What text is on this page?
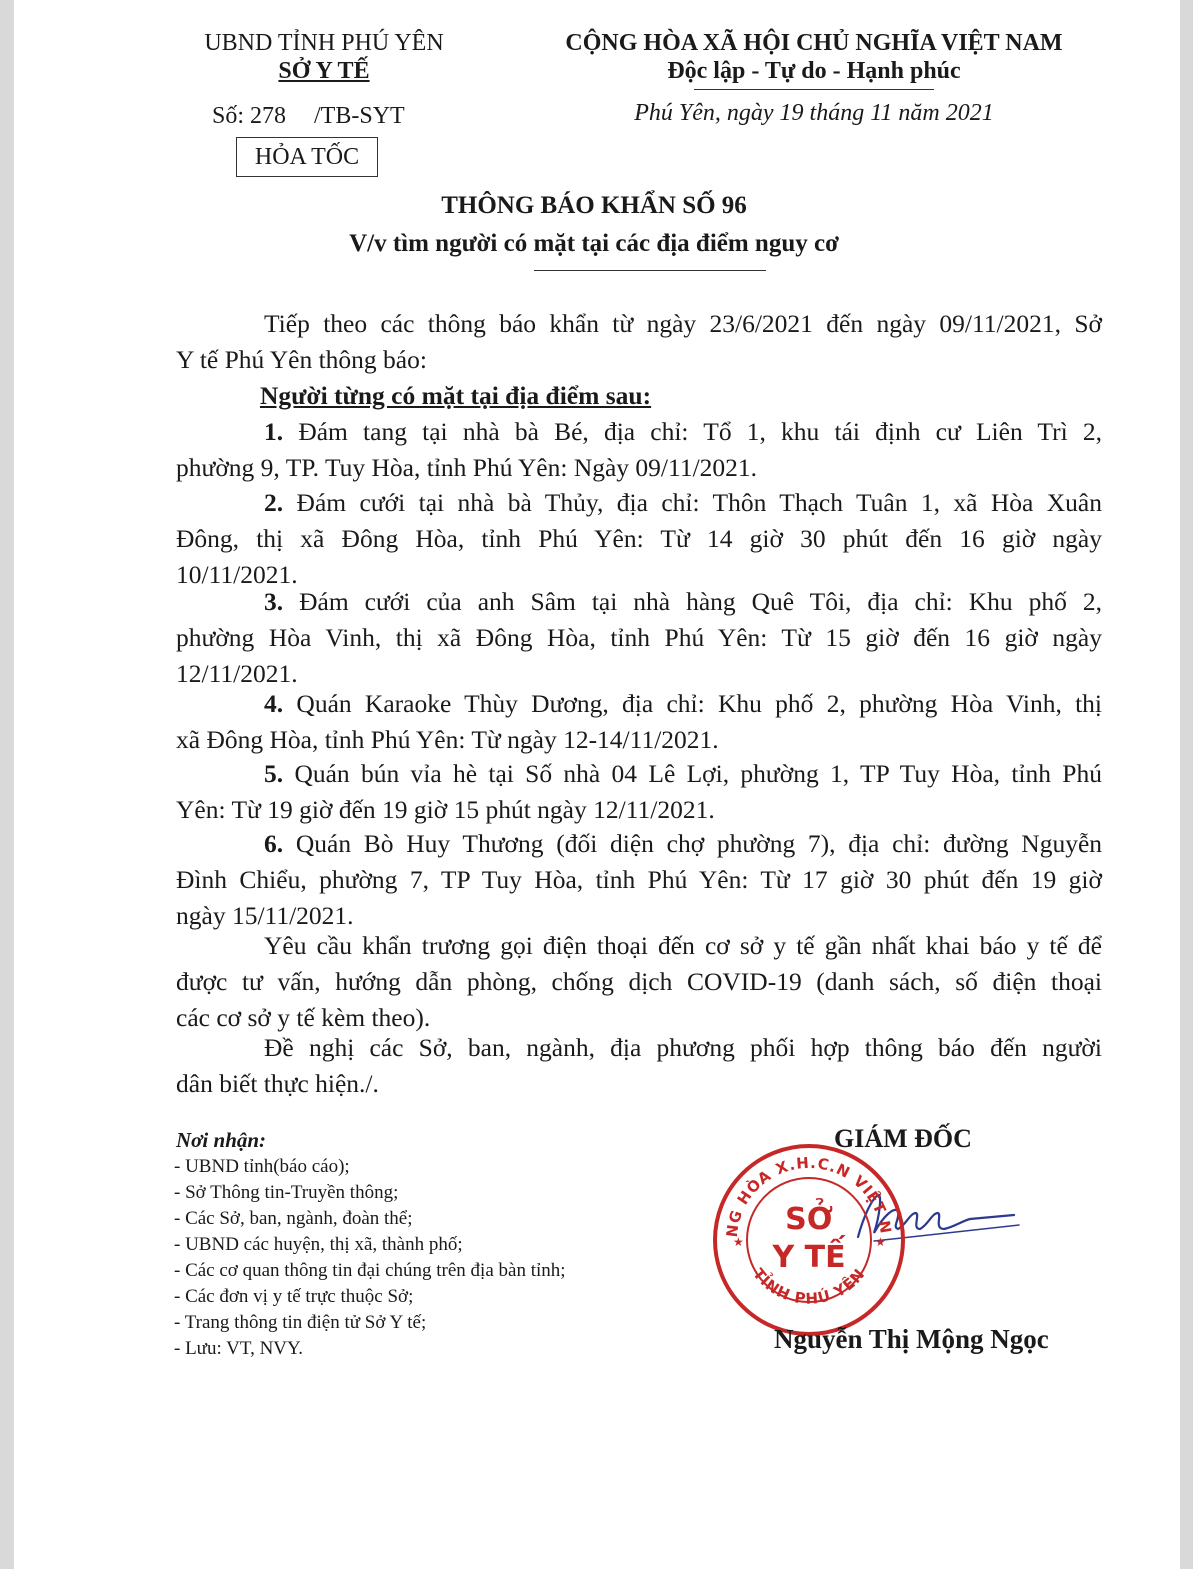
UBND TỈNH PHÚ YÊN
SỞ Y TẾ
Số: 278 /TB-SYT
HỎA TỐC
CỘNG HÒA XÃ HỘI CHỦ NGHĨA VIỆT NAM
Độc lập - Tự do - Hạnh phúc
Phú Yên, ngày 19 tháng 11 năm 2021
THÔNG BÁO KHẨN SỐ 96
V/v tìm người có mặt tại các địa điểm nguy cơ
Tiếp theo các thông báo khẩn từ ngày 23/6/2021 đến ngày 09/11/2021, Sở
Y tế Phú Yên thông báo:
Người từng có mặt tại địa điểm sau:
1. Đám tang tại nhà bà Bé, địa chỉ: Tổ 1, khu tái định cư Liên Trì 2,
phường 9, TP. Tuy Hòa, tỉnh Phú Yên: Ngày 09/11/2021.
2. Đám cưới tại nhà bà Thủy, địa chỉ: Thôn Thạch Tuân 1, xã Hòa Xuân
Đông, thị xã Đông Hòa, tỉnh Phú Yên: Từ 14 giờ 30 phút đến 16 giờ ngày
10/11/2021.
3. Đám cưới của anh Sâm tại nhà hàng Quê Tôi, địa chỉ: Khu phố 2,
phường Hòa Vinh, thị xã Đông Hòa, tỉnh Phú Yên: Từ 15 giờ đến 16 giờ ngày
12/11/2021.
4. Quán Karaoke Thùy Dương, địa chỉ: Khu phố 2, phường Hòa Vinh, thị
xã Đông Hòa, tỉnh Phú Yên: Từ ngày 12-14/11/2021.
5. Quán bún vỉa hè tại Số nhà 04 Lê Lợi, phường 1, TP Tuy Hòa, tỉnh Phú
Yên: Từ 19 giờ đến 19 giờ 15 phút ngày 12/11/2021.
6. Quán Bò Huy Thương (đối diện chợ phường 7), địa chỉ: đường Nguyễn
Đình Chiểu, phường 7, TP Tuy Hòa, tỉnh Phú Yên: Từ 17 giờ 30 phút đến 19 giờ
ngày 15/11/2021.
Yêu cầu khẩn trương gọi điện thoại đến cơ sở y tế gần nhất khai báo y tế để
được tư vấn, hướng dẫn phòng, chống dịch COVID-19 (danh sách, số điện thoại
các cơ sở y tế kèm theo).
Đề nghị các Sở, ban, ngành, địa phương phối hợp thông báo đến người
dân biết thực hiện./.
Nơi nhận:
- UBND tỉnh(báo cáo);
- Sở Thông tin-Truyền thông;
- Các Sở, ban, ngành, đoàn thể;
- UBND các huyện, thị xã, thành phố;
- Các cơ quan thông tin đại chúng trên địa bàn tỉnh;
- Các đơn vị y tế trực thuộc Sở;
- Trang thông tin điện tử Sở Y tế;
- Lưu: VT, NVY.
GIÁM ĐỐC
NG HÒA X.H.C.N VIỆT N
TỈNH PHÚ YÊN
★	★
SỞ
Y TẾ
Nguyễn Thị Mộng Ngọc
